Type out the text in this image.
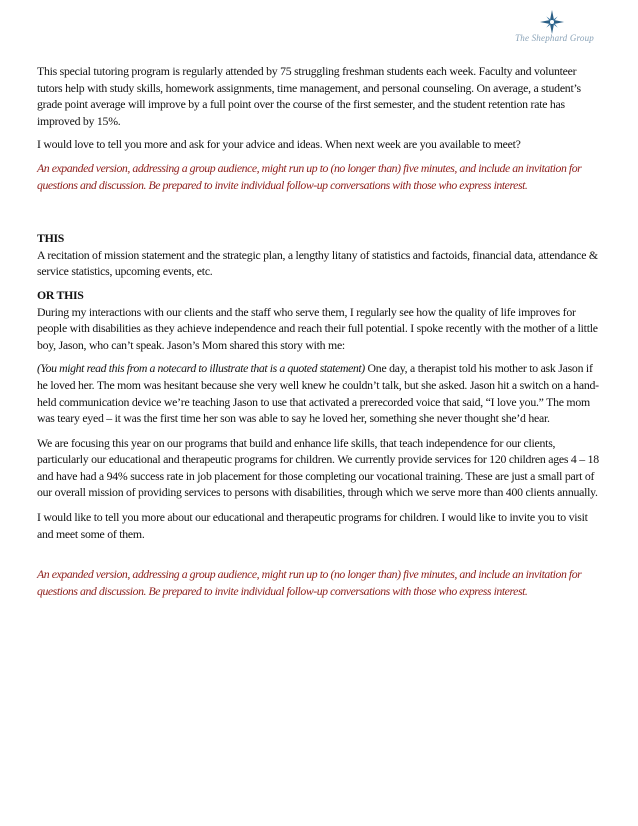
The Shephard Group

This special tutoring program is regularly attended by 75 struggling freshman students each week. Faculty and volunteer tutors help with study skills, homework assignments, time management, and personal counseling. On average, a student’s grade point average will improve by a full point over the course of the first semester, and the student retention rate has improved by 15%.

I would love to tell you more and ask for your advice and ideas. When next week are you available to meet?

An expanded version, addressing a group audience, might run up to (no longer than) five minutes, and include an invitation for questions and discussion. Be prepared to invite individual follow-up conversations with those who express interest.

THIS

A recitation of mission statement and the strategic plan, a lengthy litany of statistics and factoids, financial data, attendance & service statistics, upcoming events, etc.

OR THIS

During my interactions with our clients and the staff who serve them, I regularly see how the quality of life improves for people with disabilities as they achieve independence and reach their full potential. I spoke recently with the mother of a little boy, Jason, who can’t speak. Jason’s Mom shared this story with me:

(You might read this from a notecard to illustrate that is a quoted statement) One day, a therapist told his mother to ask Jason if he loved her. The mom was hesitant because she very well knew he couldn’t talk, but she asked. Jason hit a switch on a hand-held communication device we’re teaching Jason to use that activated a prerecorded voice that said, “I love you.” The mom was teary eyed – it was the first time her son was able to say he loved her, something she never thought she’d hear.

We are focusing this year on our programs that build and enhance life skills, that teach independence for our clients, particularly our educational and therapeutic programs for children. We currently provide services for 120 children ages 4 – 18 and have had a 94% success rate in job placement for those completing our vocational training. These are just a small part of our overall mission of providing services to persons with disabilities, through which we serve more than 400 clients annually.

I would like to tell you more about our educational and therapeutic programs for children. I would like to invite you to visit and meet some of them.

An expanded version, addressing a group audience, might run up to (no longer than) five minutes, and include an invitation for questions and discussion. Be prepared to invite individual follow-up conversations with those who express interest.
